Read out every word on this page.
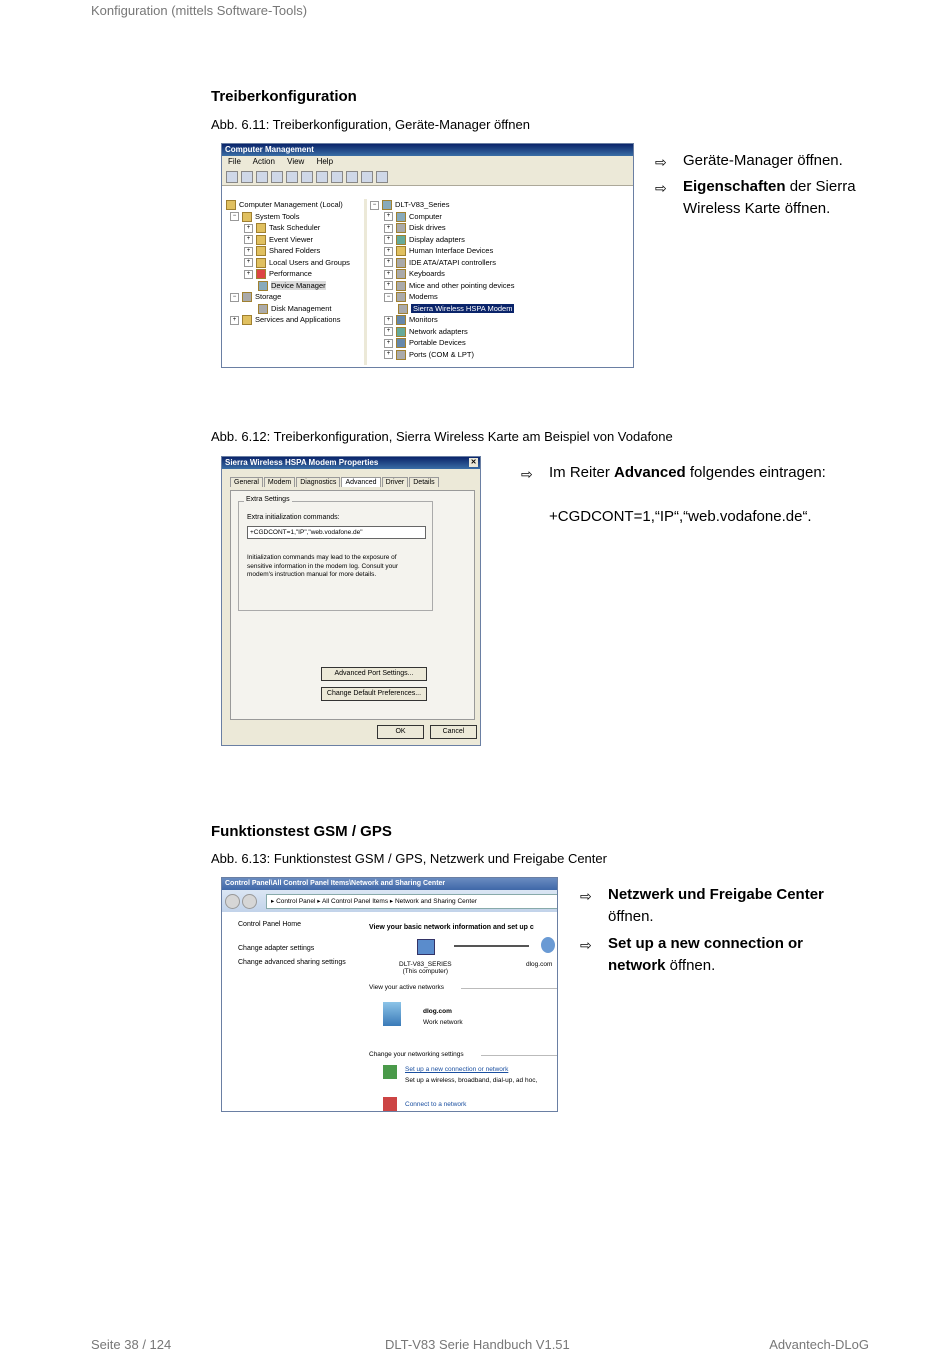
Konfiguration (mittels Software-Tools)
Treiberkonfiguration
Abb. 6.11: Treiberkonfiguration, Geräte-Manager öffnen
Computer Management
File Action View Help
Computer Management (Local)
−	System Tools
+	Task Scheduler
+	Event Viewer
+	Shared Folders
+	Local Users and Groups
+	Performance
Device Manager
−	Storage
Disk Management
+	Services and Applications
−	DLT-V83_Series
+	Computer
+	Disk drives
+	Display adapters
+	Human Interface Devices
+	IDE ATA/ATAPI controllers
+	Keyboards
+	Mice and other pointing devices
−	Modems
Sierra Wireless HSPA Modem
+	Monitors
+	Network adapters
+	Portable Devices
+	Ports (COM & LPT)
⇨ Geräte-Manager öffnen.
⇨ Eigenschaften der Sierra Wireless Karte öffnen.
Abb. 6.12: Treiberkonfiguration, Sierra Wireless Karte am Beispiel von Vodafone
Sierra Wireless HSPA Modem Properties	✕
General Modem Diagnostics Advanced Driver Details
Extra Settings
Extra initialization commands:
+CGDCONT=1,"IP","web.vodafone.de"
Initialization commands may lead to the exposure of sensitive information in the modem log. Consult your modem's instruction manual for more details.
Advanced Port Settings...
Change Default Preferences...
OK	Cancel
⇨ Im Reiter Advanced folgendes eintragen:
+CGDCONT=1,“IP“,“web.vodafone.de“.
Funktionstest GSM / GPS
Abb. 6.13: Funktionstest GSM / GPS, Netzwerk und Freigabe Center
Control Panel\All Control Panel Items\Network and Sharing Center
▸ Control Panel ▸ All Control Panel Items ▸ Network and Sharing Center
Control Panel Home
Change adapter settings
Change advanced sharing settings
View your basic network information and set up c
DLT-V83_SERIES
(This computer)
dlog.com
View your active networks
dlog.com
Work network
Change your networking settings
Set up a new connection or network
Set up a wireless, broadband, dial-up, ad hoc,
Connect to a network
⇨ Netzwerk und Freigabe Center öffnen.
⇨ Set up a new connection or network öffnen.
Seite 38 / 124	DLT-V83 Serie Handbuch V1.51	Advantech-DLoG
